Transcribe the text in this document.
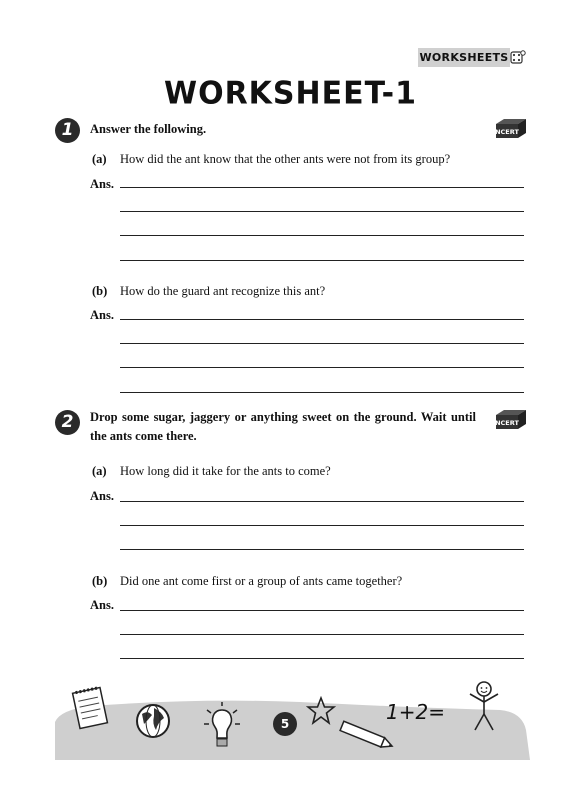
WORKSHEETS
WORKSHEET-1
1	Answer the following.	NCERT
(a) How did the ant know that the other ants were not from its group?
Ans.
(b) How do the guard ant recognize this ant?
Ans.
2	Drop some sugar, jaggery or anything sweet on the ground. Wait until
the ants come there.
NCERT
(a) How long did it take for the ants to come?
Ans.
(b) Did one ant come first or a group of ants came together?
Ans.
5	1+2=
